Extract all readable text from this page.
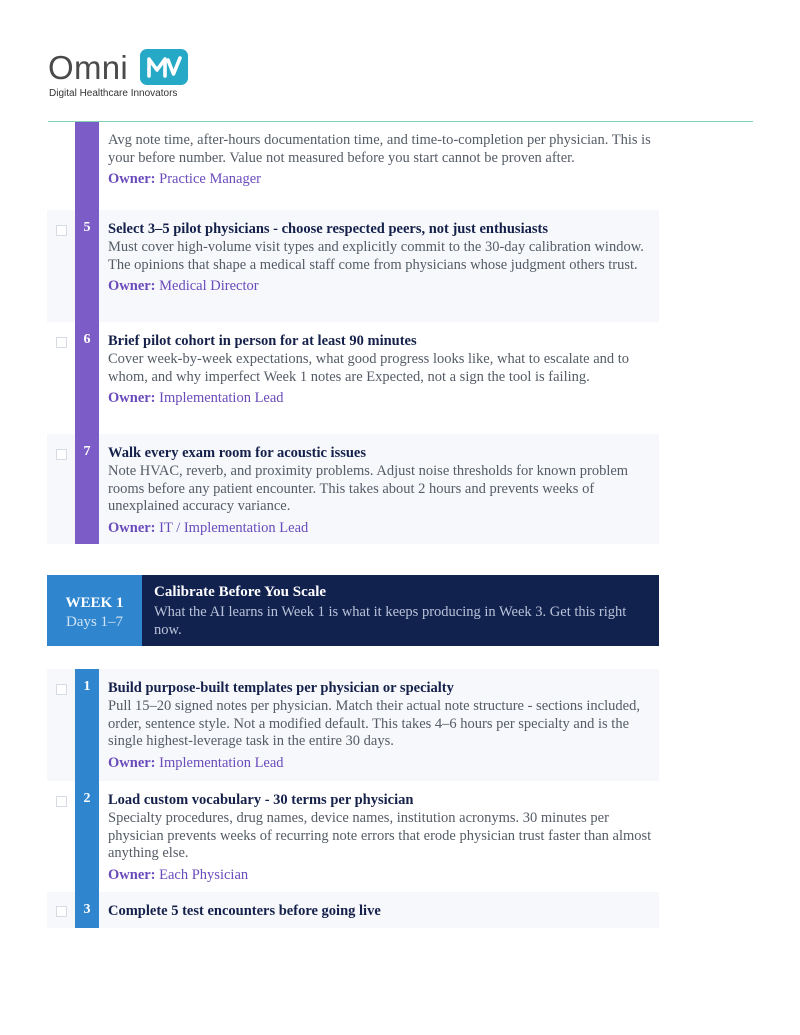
Omni
Digital Healthcare Innovators
Avg note time, after-hours documentation time, and time-to-completion per physician. This is your before number. Value not measured before you start cannot be proven after.
Owner: Practice Manager
5	Select 3–5 pilot physicians - choose respected peers, not just enthusiasts
Must cover high-volume visit types and explicitly commit to the 30-day calibration window. The opinions that shape a medical staff come from physicians whose judgment others trust.
Owner: Medical Director
6	Brief pilot cohort in person for at least 90 minutes
Cover week-by-week expectations, what good progress looks like, what to escalate and to whom, and why imperfect Week 1 notes are Expected, not a sign the tool is failing.
Owner: Implementation Lead
7	Walk every exam room for acoustic issues
Note HVAC, reverb, and proximity problems. Adjust noise thresholds for known problem rooms before any patient encounter. This takes about 2 hours and prevents weeks of unexplained accuracy variance.
Owner: IT / Implementation Lead
WEEK 1
Days 1–7
Calibrate Before You Scale
What the AI learns in Week 1 is what it keeps producing in Week 3. Get this right now.
1	Build purpose-built templates per physician or specialty
Pull 15–20 signed notes per physician. Match their actual note structure - sections included, order, sentence style. Not a modified default. This takes 4–6 hours per specialty and is the single highest-leverage task in the entire 30 days.
Owner: Implementation Lead
2	Load custom vocabulary - 30 terms per physician
Specialty procedures, drug names, device names, institution acronyms. 30 minutes per physician prevents weeks of recurring note errors that erode physician trust faster than almost anything else.
Owner: Each Physician
3	Complete 5 test encounters before going live
